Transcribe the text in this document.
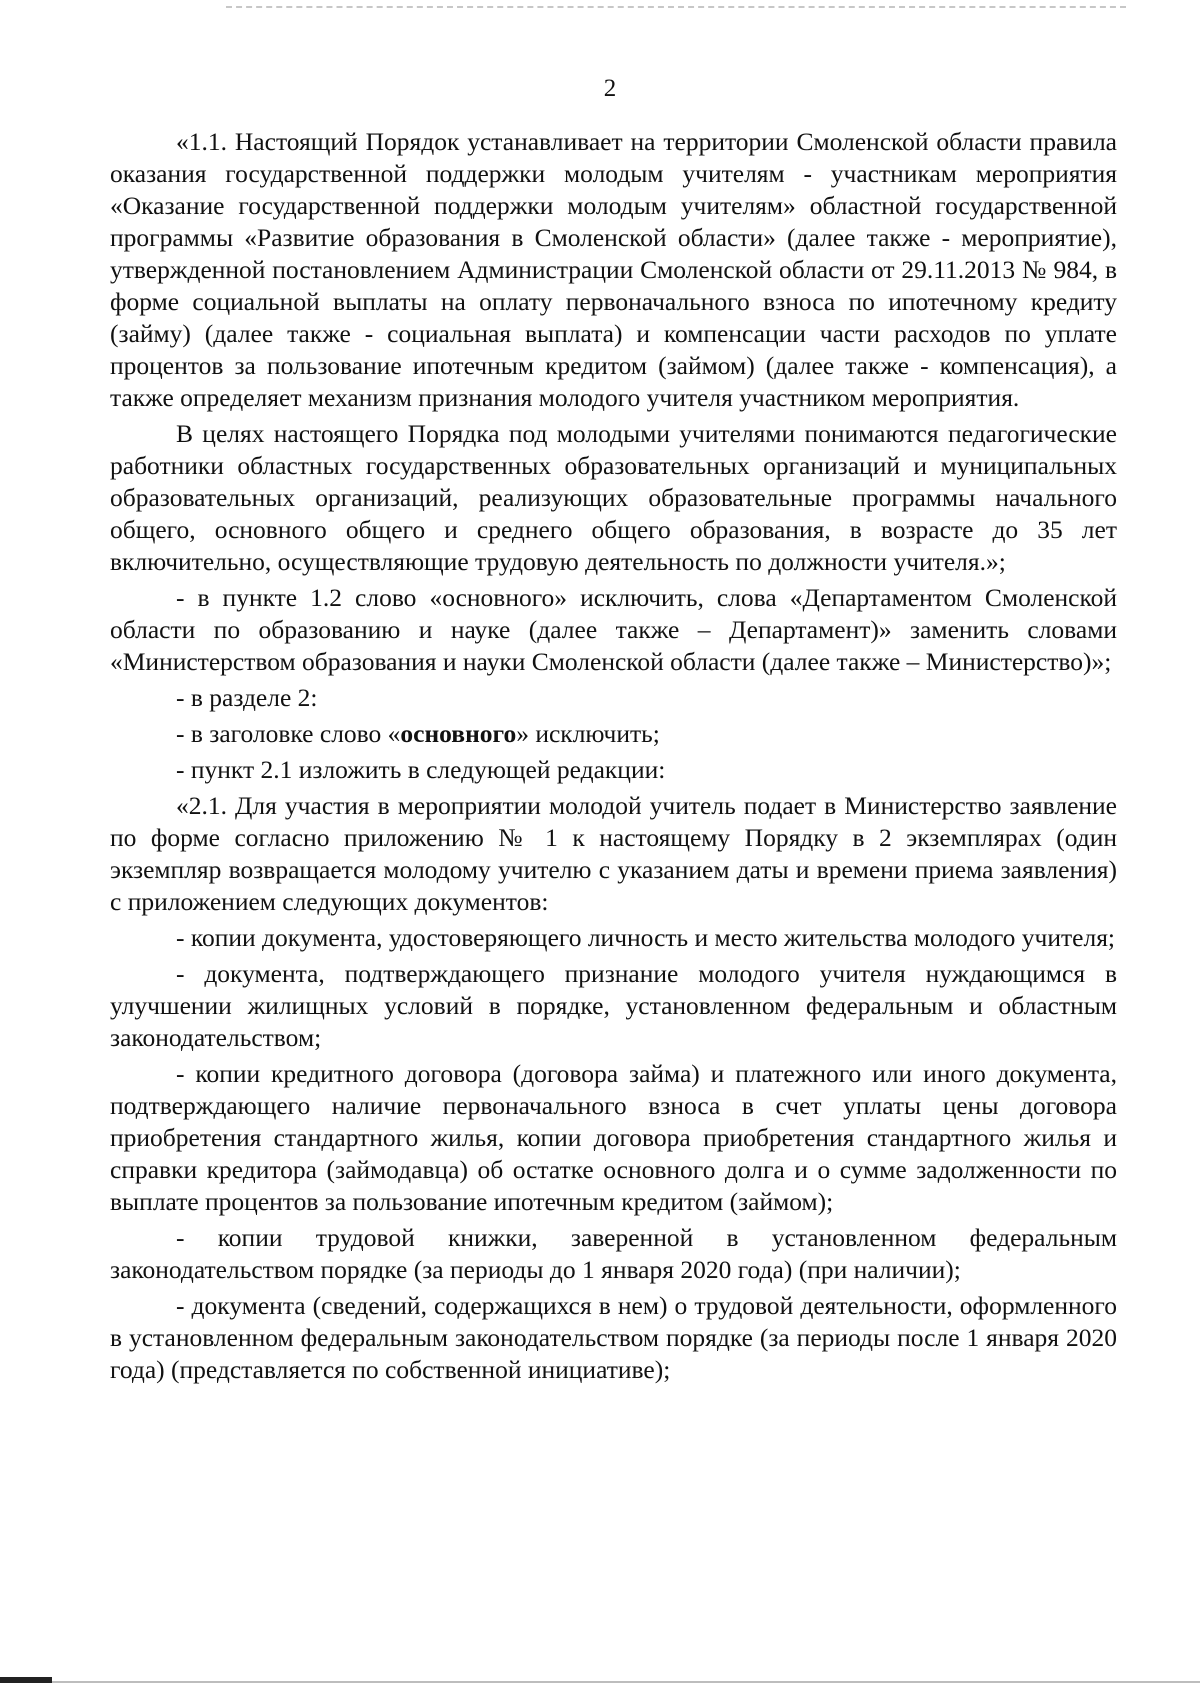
2

«1.1. Настоящий Порядок устанавливает на территории Смоленской области правила оказания государственной поддержки молодым учителям - участникам мероприятия «Оказание государственной поддержки молодым учителям» областной государственной программы «Развитие образования в Смоленской области» (далее также - мероприятие), утвержденной постановлением Администрации Смоленской области от 29.11.2013 № 984, в форме социальной выплаты на оплату первоначального взноса по ипотечному кредиту (займу) (далее также - социальная выплата) и компенсации части расходов по уплате процентов за пользование ипотечным кредитом (займом) (далее также - компенсация), а также определяет механизм признания молодого учителя участником мероприятия.

В целях настоящего Порядка под молодыми учителями понимаются педагогические работники областных государственных образовательных организаций и муниципальных образовательных организаций, реализующих образовательные программы начального общего, основного общего и среднего общего образования, в возрасте до 35 лет включительно, осуществляющие трудовую деятельность по должности учителя.»;

- в пункте 1.2 слово «основного» исключить, слова «Департаментом Смоленской области по образованию и науке (далее также – Департамент)» заменить словами «Министерством образования и науки Смоленской области (далее также – Министерство)»;

- в разделе 2:

- в заголовке слово «основного» исключить;

- пункт 2.1 изложить в следующей редакции:

«2.1. Для участия в мероприятии молодой учитель подает в Министерство заявление по форме согласно приложению № 1 к настоящему Порядку в 2 экземплярах (один экземпляр возвращается молодому учителю с указанием даты и времени приема заявления) с приложением следующих документов:

- копии документа, удостоверяющего личность и место жительства молодого учителя;

- документа, подтверждающего признание молодого учителя нуждающимся в улучшении жилищных условий в порядке, установленном федеральным и областным законодательством;

- копии кредитного договора (договора займа) и платежного или иного документа, подтверждающего наличие первоначального взноса в счет уплаты цены договора приобретения стандартного жилья, копии договора приобретения стандартного жилья и справки кредитора (займодавца) об остатке основного долга и о сумме задолженности по выплате процентов за пользование ипотечным кредитом (займом);

- копии трудовой книжки, заверенной в установленном федеральным законодательством порядке (за периоды до 1 января 2020 года) (при наличии);

- документа (сведений, содержащихся в нем) о трудовой деятельности, оформленного в установленном федеральным законодательством порядке (за периоды после 1 января 2020 года) (представляется по собственной инициативе);
